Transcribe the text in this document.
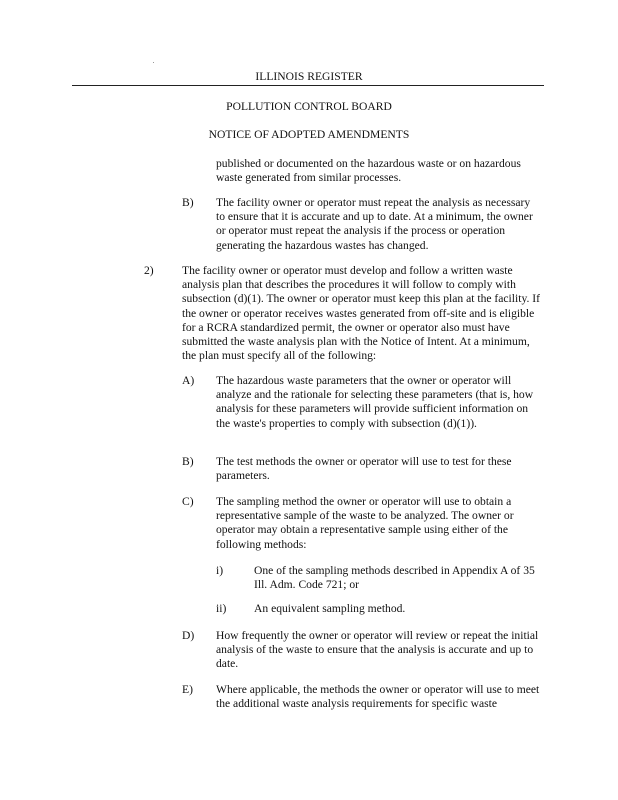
ILLINOIS REGISTER
POLLUTION CONTROL BOARD
NOTICE OF ADOPTED AMENDMENTS
published or documented on the hazardous waste or on hazardous waste generated from similar processes.
B) The facility owner or operator must repeat the analysis as necessary to ensure that it is accurate and up to date. At a minimum, the owner or operator must repeat the analysis if the process or operation generating the hazardous wastes has changed.
2) The facility owner or operator must develop and follow a written waste analysis plan that describes the procedures it will follow to comply with subsection (d)(1). The owner or operator must keep this plan at the facility. If the owner or operator receives wastes generated from off-site and is eligible for a RCRA standardized permit, the owner or operator also must have submitted the waste analysis plan with the Notice of Intent. At a minimum, the plan must specify all of the following:
A) The hazardous waste parameters that the owner or operator will analyze and the rationale for selecting these parameters (that is, how analysis for these parameters will provide sufficient information on the waste's properties to comply with subsection (d)(1)).
B) The test methods the owner or operator will use to test for these parameters.
C) The sampling method the owner or operator will use to obtain a representative sample of the waste to be analyzed. The owner or operator may obtain a representative sample using either of the following methods:
i)	One of the sampling methods described in Appendix A of 35 Ill. Adm. Code 721; or
ii) An equivalent sampling method.
D) How frequently the owner or operator will review or repeat the initial analysis of the waste to ensure that the analysis is accurate and up to date.
E) Where applicable, the methods the owner or operator will use to meet the additional waste analysis requirements for specific waste
